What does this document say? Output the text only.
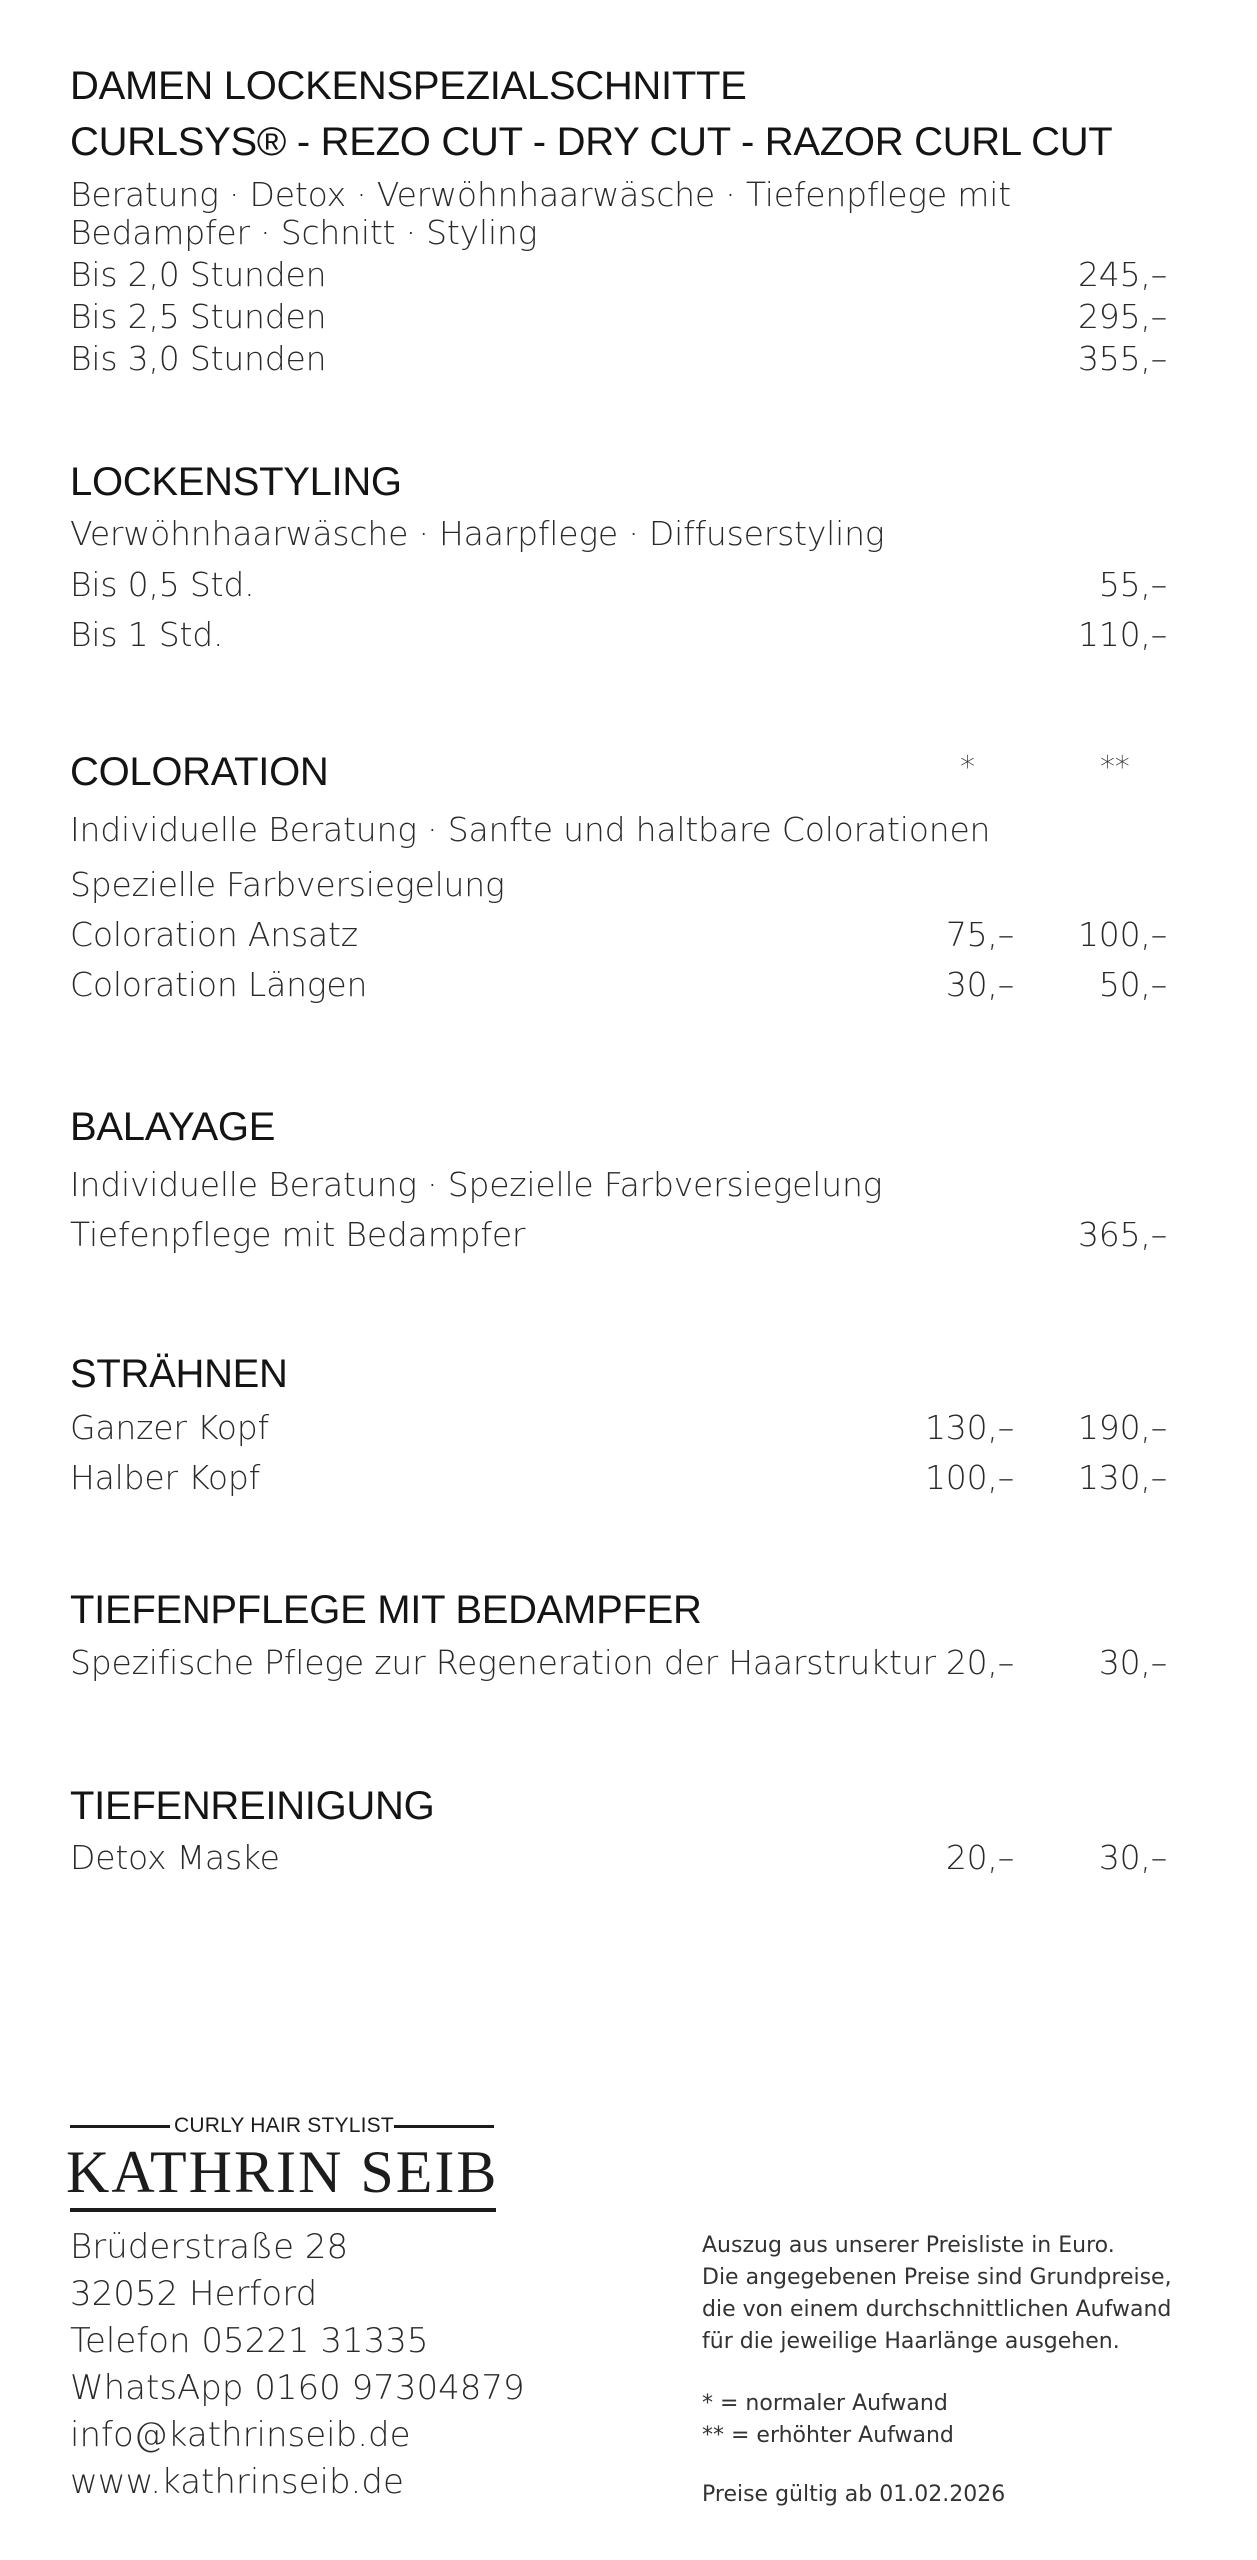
DAMEN LOCKENSPEZIALSCHNITTE
CURLSYS® - REZO CUT - DRY CUT - RAZOR CURL CUT
Beratung · Detox · Verwöhnhaarwäsche · Tiefenpflege mit
Bedampfer · Schnitt · Styling
Bis 2,0 Stunden	245,–
Bis 2,5 Stunden	295,–
Bis 3,0 Stunden	355,–
LOCKENSTYLING
Verwöhnhaarwäsche · Haarpflege · Diffuserstyling
Bis 0,5 Std.	55,–
Bis 1 Std.	110,–
COLORATION	*	**
Individuelle Beratung · Sanfte und haltbare Colorationen
Spezielle Farbversiegelung
Coloration Ansatz	75,– 100,–
Coloration Längen	30,–	50,–
BALAYAGE
Individuelle Beratung · Spezielle Farbversiegelung
Tiefenpflege mit Bedampfer	365,–
STRÄHNEN
Ganzer Kopf	130,– 190,–
Halber Kopf	100,– 130,–
TIEFENPFLEGE MIT BEDAMPFER
Spezifische Pflege zur Regeneration der Haarstruktur 20,–	30,–
TIEFENREINIGUNG
Detox Maske	20,–	30,–
CURLY HAIR STYLIST
KATHRIN SEIB
Brüderstraße 28
32052 Herford
Telefon 05221 31335
WhatsApp 0160 97304879
info@kathrinseib.de
www.kathrinseib.de
Auszug aus unserer Preisliste in Euro.
Die angegebenen Preise sind Grundpreise,
die von einem durchschnittlichen Aufwand
für die jeweilige Haarlänge ausgehen.
* = normaler Aufwand
** = erhöhter Aufwand
Preise gültig ab 01.02.2026
